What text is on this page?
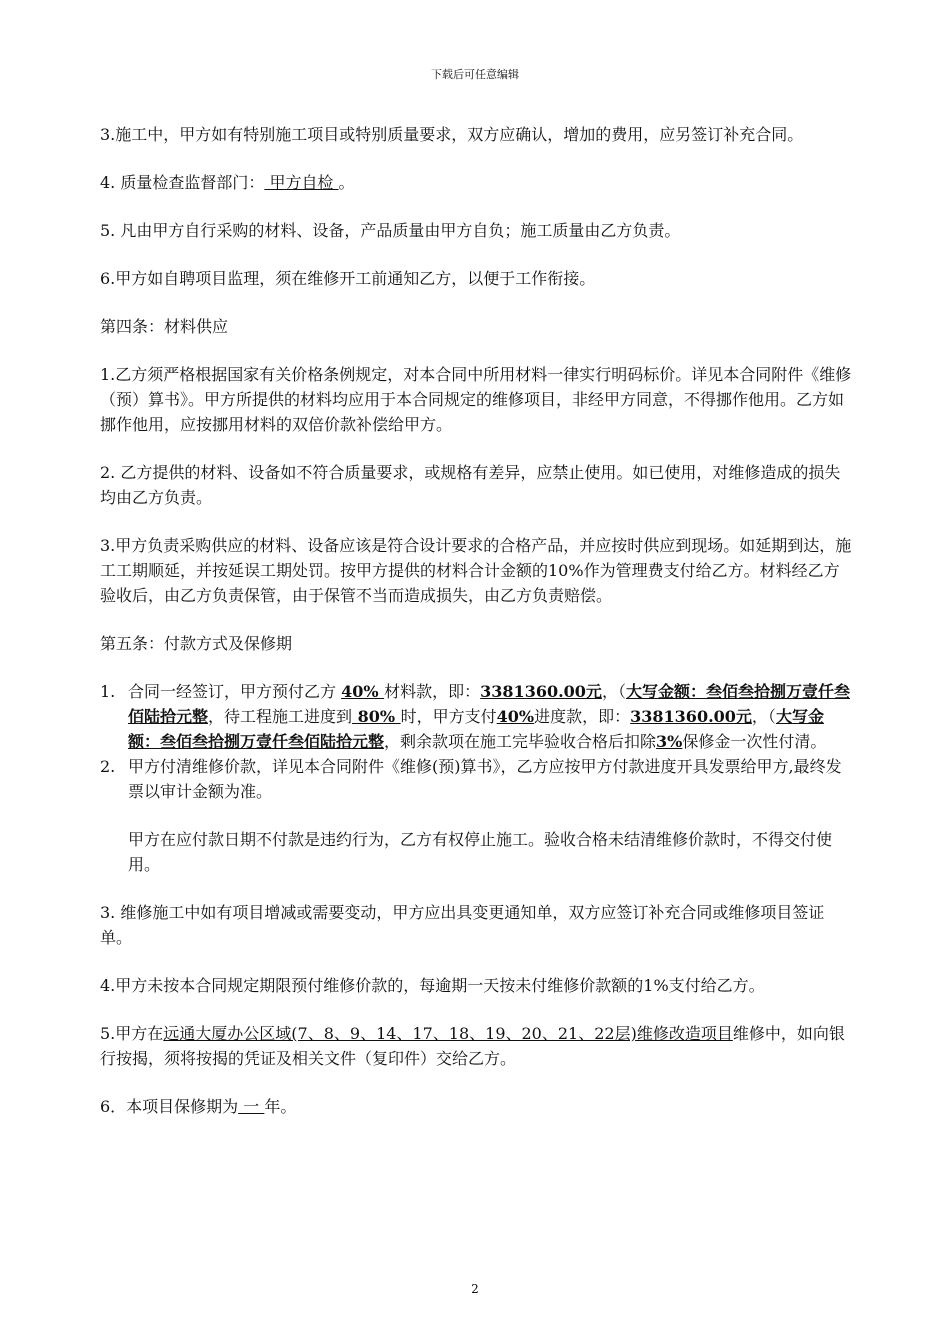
下载后可任意编辑

3.施工中，甲方如有特别施工项目或特别质量要求，双方应确认，增加的费用，应另签订补充合同。

4. 质量检查监督部门： 甲方自检 。

5. 凡由甲方自行采购的材料、设备，产品质量由甲方自负；施工质量由乙方负责。

6.甲方如自聘项目监理，须在维修开工前通知乙方，以便于工作衔接。

第四条：材料供应

1.乙方须严格根据国家有关价格条例规定，对本合同中所用材料一律实行明码标价。详见本合同附件《维修（预）算书》。甲方所提供的材料均应用于本合同规定的维修项目，非经甲方同意，不得挪作他用。乙方如挪作他用，应按挪用材料的双倍价款补偿给甲方。

2. 乙方提供的材料、设备如不符合质量要求，或规格有差异，应禁止使用。如已使用，对维修造成的损失均由乙方负责。

3.甲方负责采购供应的材料、设备应该是符合设计要求的合格产品，并应按时供应到现场。如延期到达，施工工期顺延，并按延误工期处罚。按甲方提供的材料合计金额的10%作为管理费支付给乙方。材料经乙方验收后，由乙方负责保管，由于保管不当而造成损失，由乙方负责赔偿。

第五条：付款方式及保修期

1. 合同一经签订，甲方预付乙方 40% 材料款，即：3381360.00元，（大写金额：叁佰叁拾捌万壹仟叁佰陆拾元整，待工程施工进度到 80% 时，甲方支付40%进度款，即：3381360.00元，（大写金额：叁佰叁拾捌万壹仟叁佰陆拾元整，剩余款项在施工完毕验收合格后扣除3%保修金一次性付清。
2. 甲方付清维修价款，详见本合同附件《维修(预)算书》，乙方应按甲方付款进度开具发票给甲方,最终发票以审计金额为准。

甲方在应付款日期不付款是违约行为，乙方有权停止施工。验收合格未结清维修价款时，不得交付使用。

3. 维修施工中如有项目增减或需要变动，甲方应出具变更通知单，双方应签订补充合同或维修项目签证单。

4.甲方未按本合同规定期限预付维修价款的，每逾期一天按未付维修价款额的1%支付给乙方。

5.甲方在远通大厦办公区域(7、8、9、14、17、18、19、20、21、22层)维修改造项目维修中，如向银行按揭，须将按揭的凭证及相关文件（复印件）交给乙方。

6．本项目保修期为 一 年。

2
